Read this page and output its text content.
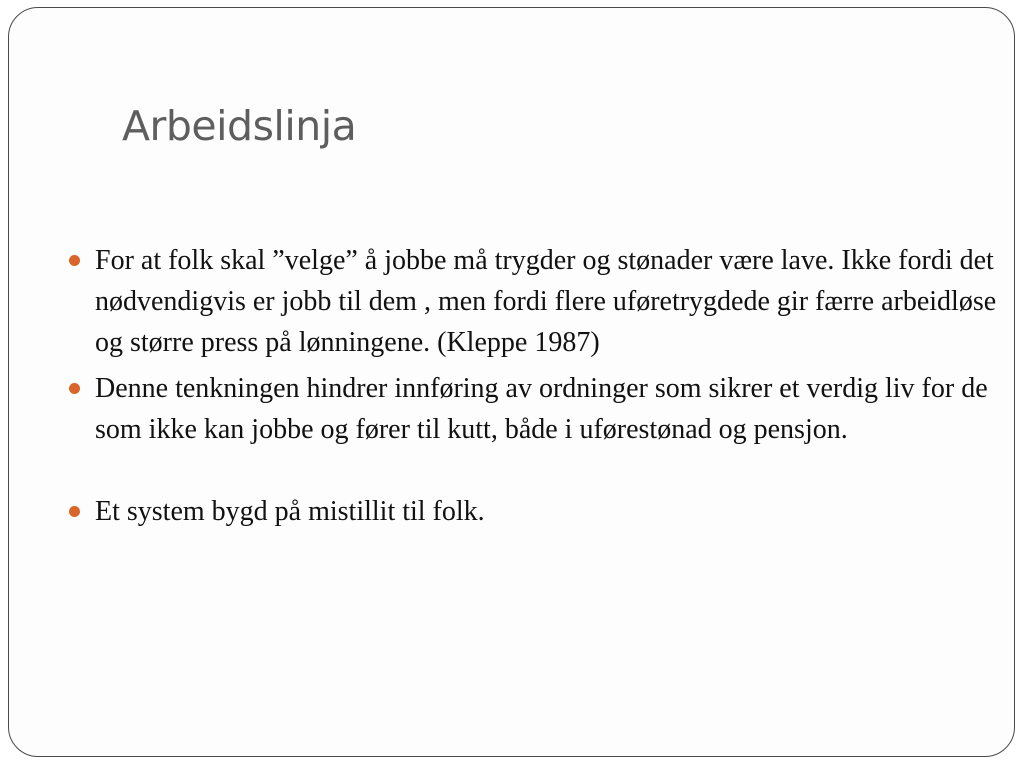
Arbeidslinja
For at folk skal ”velge” å jobbe må trygder og stønader være lave. Ikke fordi det nødvendigvis er jobb til dem , men fordi flere uføretrygdede gir færre arbeidløse og større press på lønningene. (Kleppe 1987)
Denne tenkningen hindrer innføring av ordninger som sikrer et verdig liv for de som ikke kan jobbe og fører til kutt, både i uførestønad og pensjon.
Et system bygd på mistillit til folk.
